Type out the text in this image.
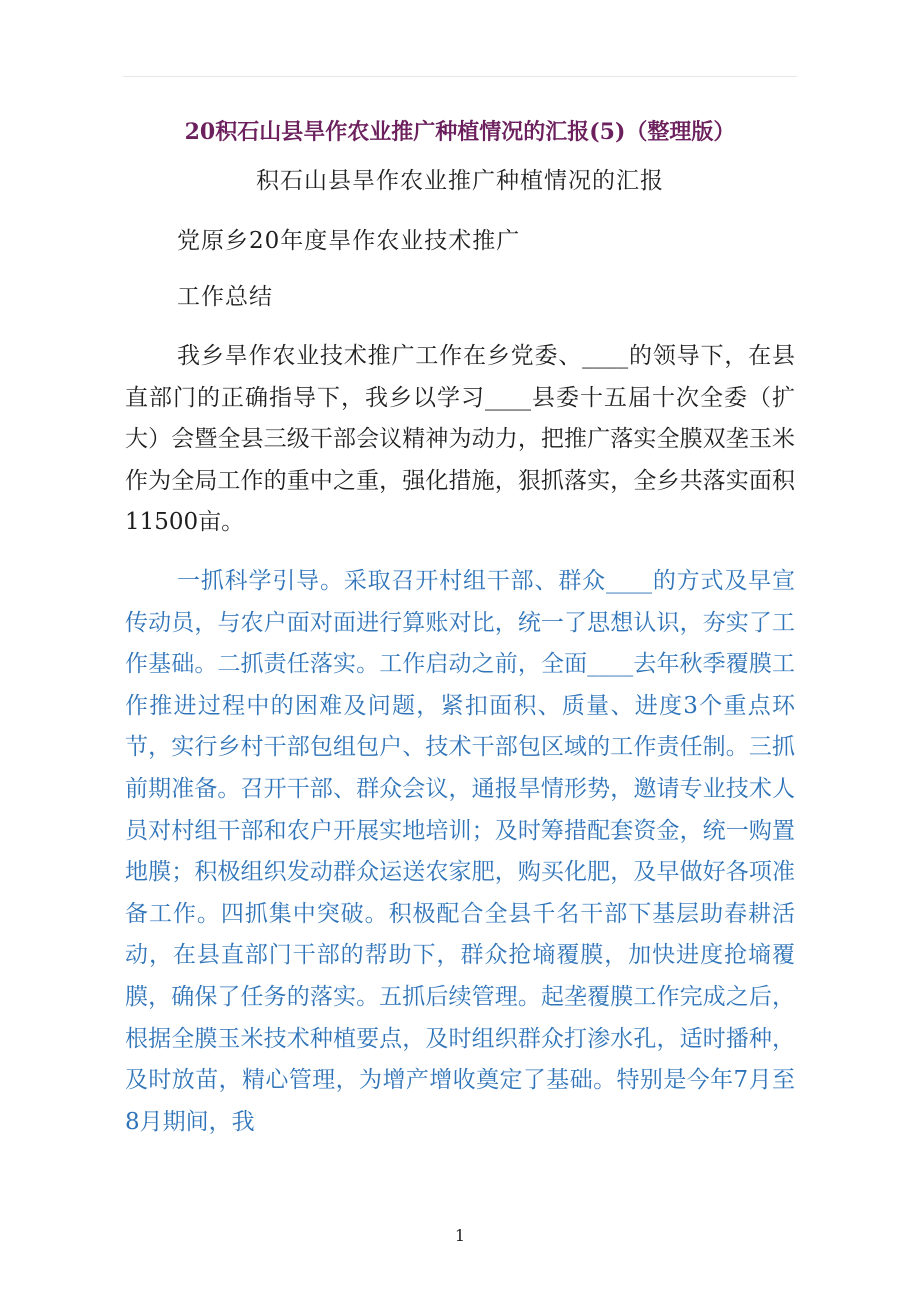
20积石山县旱作农业推广种植情况的汇报(5)（整理版）

积石山县旱作农业推广种植情况的汇报

党原乡20年度旱作农业技术推广

工作总结

我乡旱作农业技术推广工作在乡党委、____的领导下，在县直部门的正确指导下，我乡以学习____县委十五届十次全委（扩大）会暨全县三级干部会议精神为动力，把推广落实全膜双垄玉米作为全局工作的重中之重，强化措施，狠抓落实，全乡共落实面积11500亩。

一抓科学引导。采取召开村组干部、群众____的方式及早宣传动员，与农户面对面进行算账对比，统一了思想认识，夯实了工作基础。二抓责任落实。工作启动之前，全面____去年秋季覆膜工作推进过程中的困难及问题，紧扣面积、质量、进度3个重点环节，实行乡村干部包组包户、技术干部包区域的工作责任制。三抓前期准备。召开干部、群众会议，通报旱情形势，邀请专业技术人员对村组干部和农户开展实地培训；及时筹措配套资金，统一购置地膜；积极组织发动群众运送农家肥，购买化肥，及早做好各项准备工作。四抓集中突破。积极配合全县千名干部下基层助春耕活动，在县直部门干部的帮助下，群众抢墒覆膜，加快进度抢墒覆膜，确保了任务的落实。五抓后续管理。起垄覆膜工作完成之后，根据全膜玉米技术种植要点，及时组织群众打渗水孔，适时播种，及时放苗，精心管理，为增产增收奠定了基础。特别是今年7月至8月期间，我

1
